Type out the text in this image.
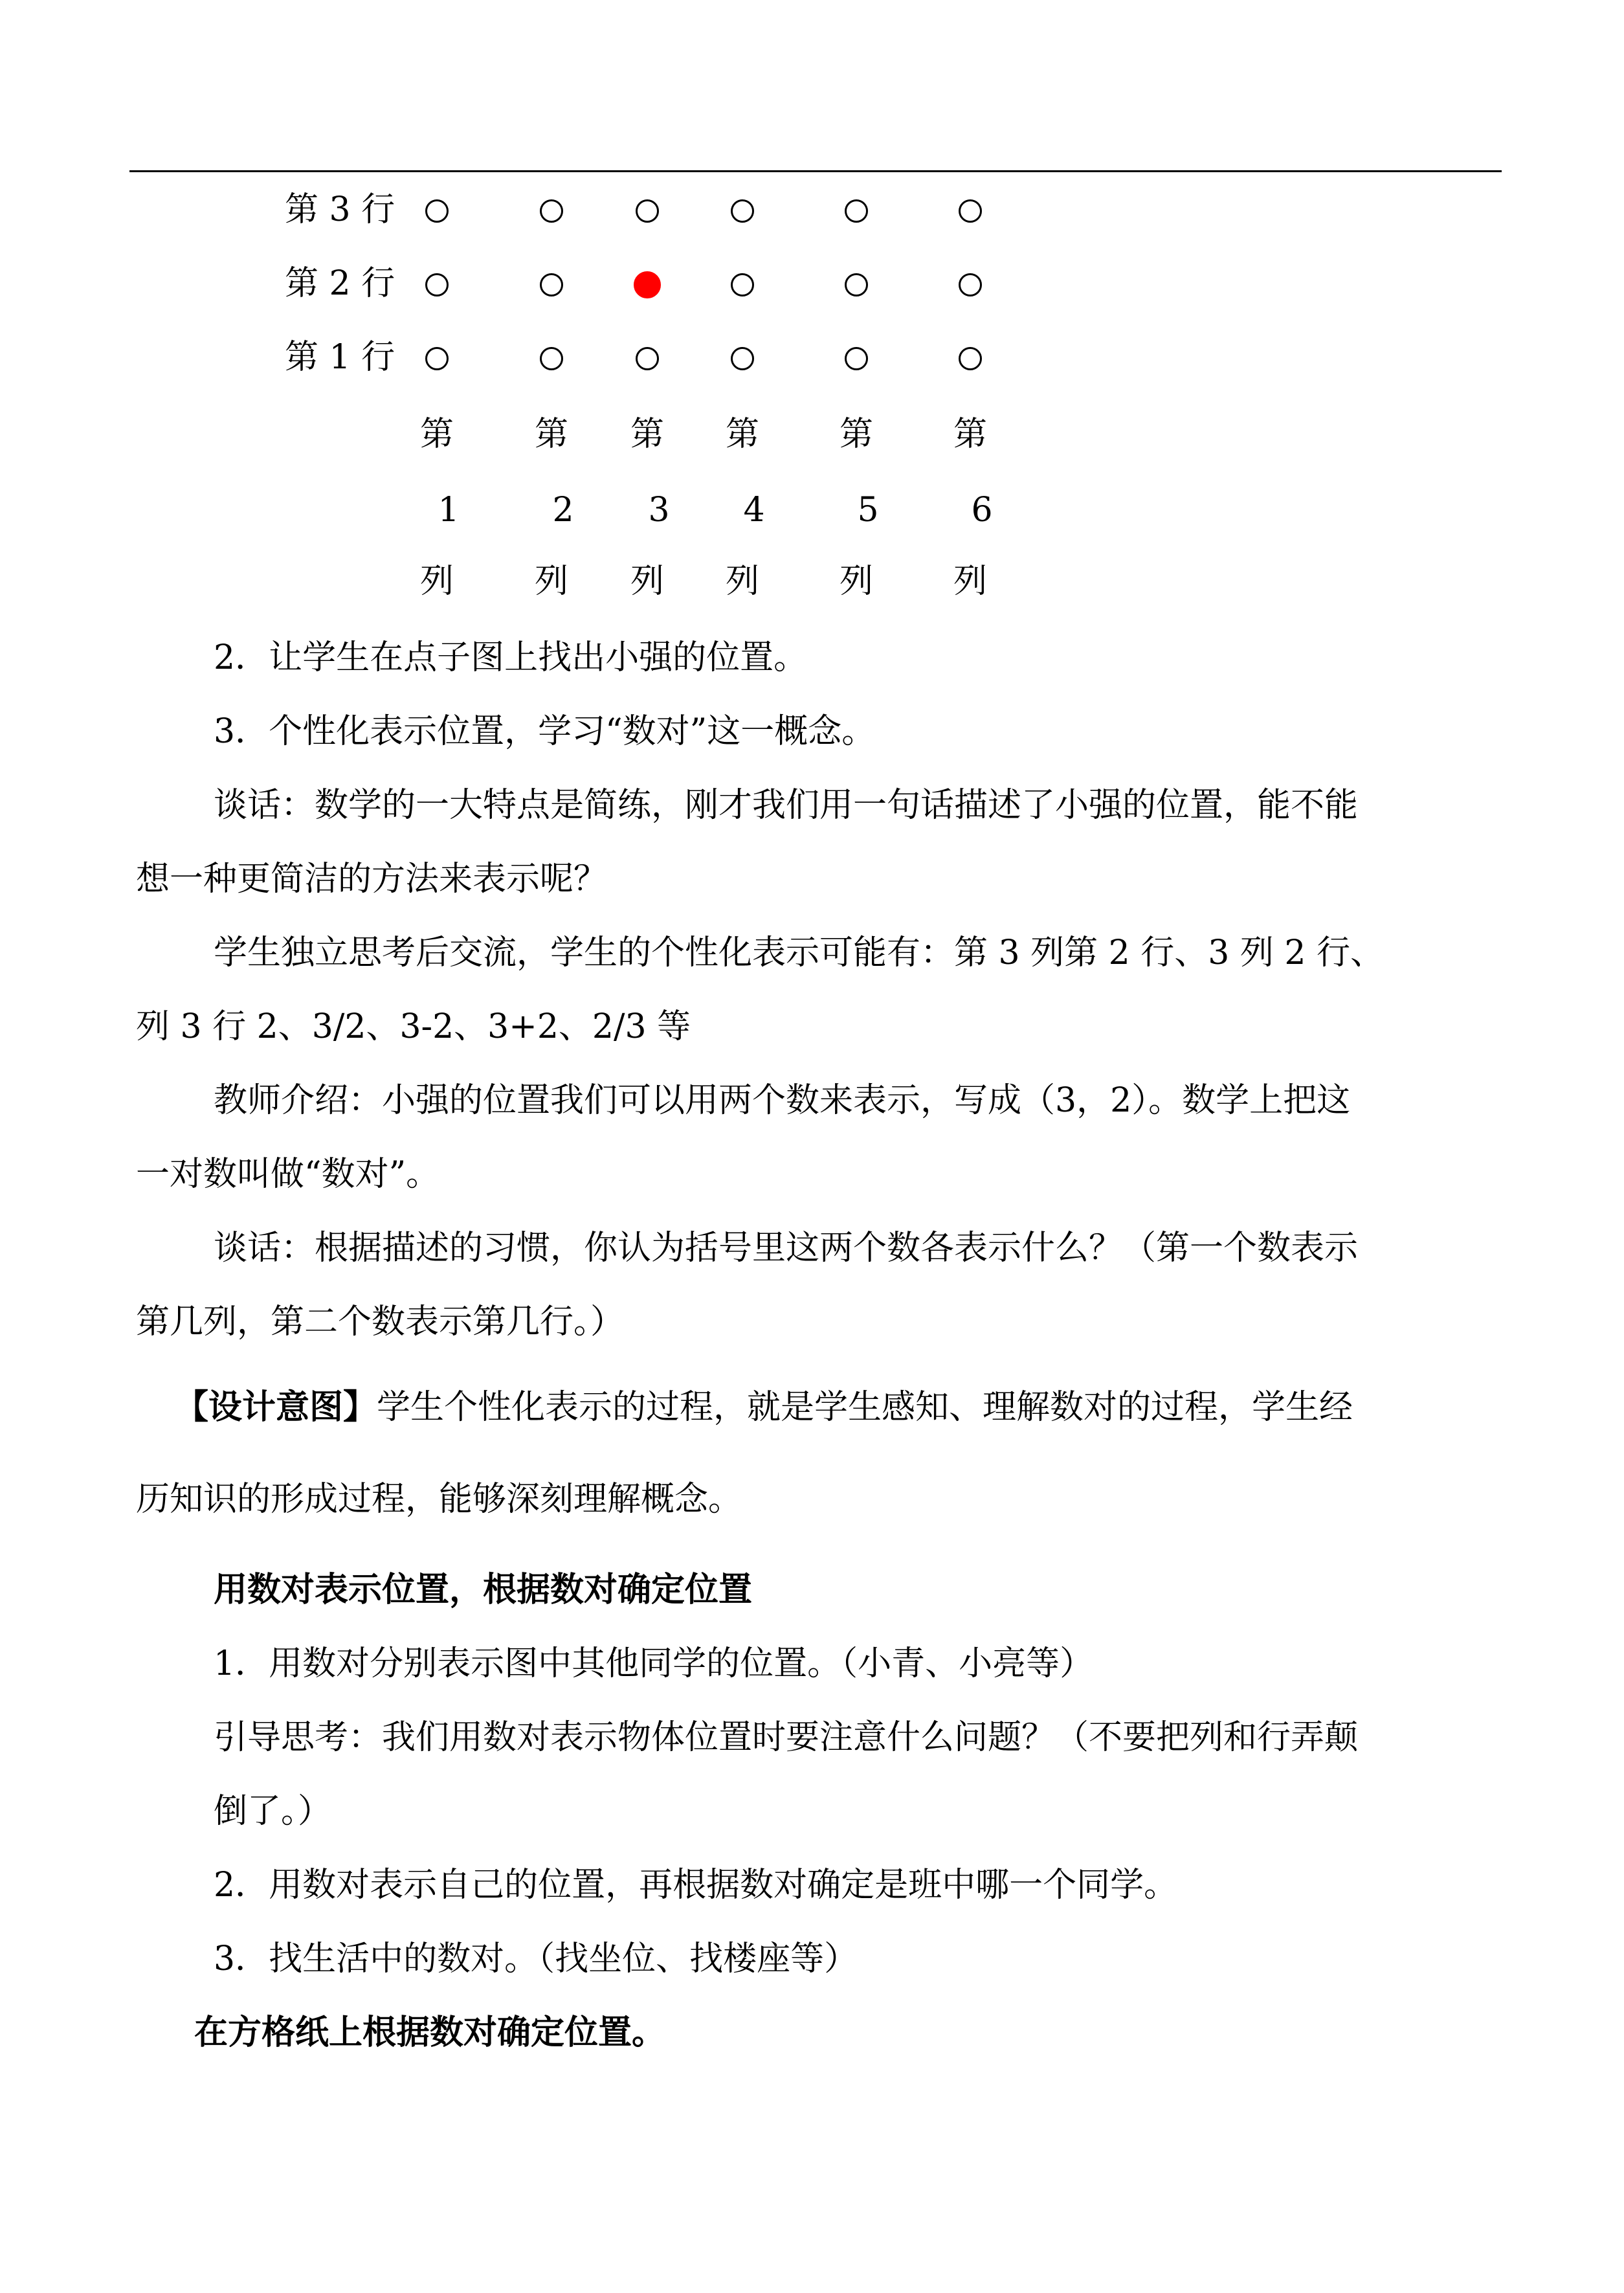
第 3 行
第 2 行
第 1 行
第
1
列
第
2
列
第
3
列
第
4
列
第
5
列
第
6
列
2．让学生在点子图上找出小强的位置。
3．个性化表示位置，学习“数对”这一概念。
谈话：数学的一大特点是简练，刚才我们用一句话描述了小强的位置，能不能
想一种更简洁的方法来表示呢？
学生独立思考后交流，学生的个性化表示可能有：第 3 列第 2 行、3 列 2 行、
列 3 行 2、3/2、3-2、3+2、2/3 等
教师介绍：小强的位置我们可以用两个数来表示，写成（3，2）。数学上把这
一对数叫做“数对”。
谈话：根据描述的习惯，你认为括号里这两个数各表示什么？（第一个数表示
第几列，第二个数表示第几行。）
【设计意图】学生个性化表示的过程，就是学生感知、理解数对的过程，学生经
历知识的形成过程，能够深刻理解概念。
用数对表示位置，根据数对确定位置
1．用数对分别表示图中其他同学的位置。（小青、小亮等）
引导思考：我们用数对表示物体位置时要注意什么问题？（不要把列和行弄颠
倒了。）
2．用数对表示自己的位置，再根据数对确定是班中哪一个同学。
3．找生活中的数对。（找坐位、找楼座等）
在方格纸上根据数对确定位置。
